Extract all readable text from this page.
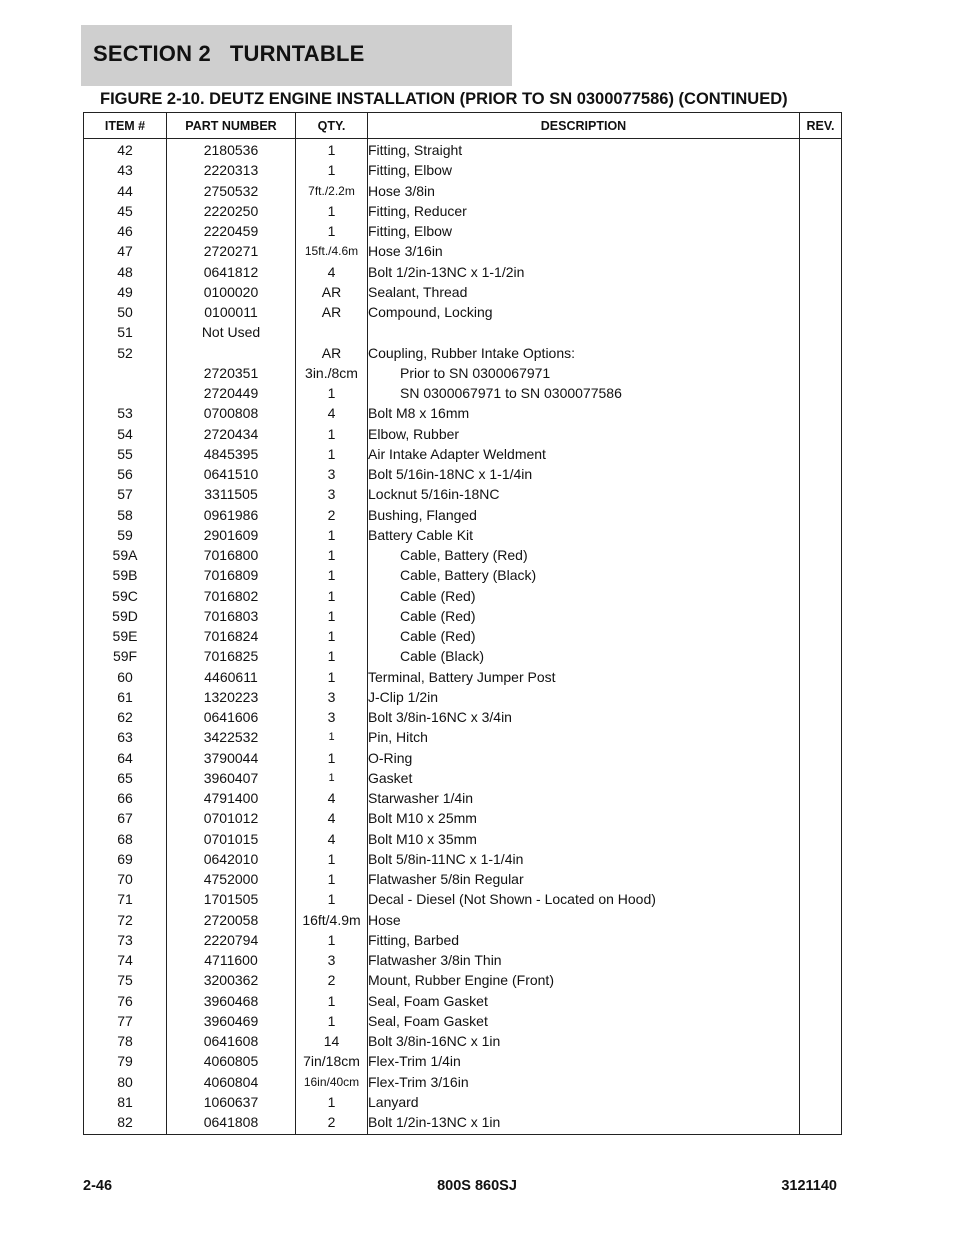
SECTION 2   TURNTABLE
FIGURE 2-10. DEUTZ ENGINE INSTALLATION (PRIOR TO SN 0300077586) (CONTINUED)
ITEM #	PART NUMBER	QTY.	DESCRIPTION	REV.
42	2180536	1	Fitting, Straight	
43	2220313	1	Fitting, Elbow	
44	2750532	7ft./2.2m	Hose 3/8in	
45	2220250	1	Fitting, Reducer	
46	2220459	1	Fitting, Elbow	
47	2720271	15ft./4.6m	Hose 3/16in	
48	0641812	4	Bolt 1/2in-13NC x 1-1/2in	
49	0100020	AR	Sealant, Thread	
50	0100011	AR	Compound, Locking	
51	Not Used			
52		AR	Coupling, Rubber Intake Options:	
	2720351	3in./8cm	Prior to SN 0300067971	
	2720449	1	SN 0300067971 to SN 0300077586	
53	0700808	4	Bolt M8 x 16mm	
54	2720434	1	Elbow, Rubber	
55	4845395	1	Air Intake Adapter Weldment	
56	0641510	3	Bolt 5/16in-18NC x 1-1/4in	
57	3311505	3	Locknut 5/16in-18NC	
58	0961986	2	Bushing, Flanged	
59	2901609	1	Battery Cable Kit	
59A	7016800	1	Cable, Battery (Red)	
59B	7016809	1	Cable, Battery (Black)	
59C	7016802	1	Cable (Red)	
59D	7016803	1	Cable (Red)	
59E	7016824	1	Cable (Red)	
59F	7016825	1	Cable (Black)	
60	4460611	1	Terminal, Battery Jumper Post	
61	1320223	3	J-Clip 1/2in	
62	0641606	3	Bolt 3/8in-16NC x 3/4in	
63	3422532	1	Pin, Hitch	
64	3790044	1	O-Ring	
65	3960407	1	Gasket	
66	4791400	4	Starwasher 1/4in	
67	0701012	4	Bolt M10 x 25mm	
68	0701015	4	Bolt M10 x 35mm	
69	0642010	1	Bolt 5/8in-11NC x 1-1/4in	
70	4752000	1	Flatwasher 5/8in Regular	
71	1701505	1	Decal - Diesel (Not Shown - Located on Hood)	
72	2720058	16ft/4.9m	Hose	
73	2220794	1	Fitting, Barbed	
74	4711600	3	Flatwasher 3/8in Thin	
75	3200362	2	Mount, Rubber Engine (Front)	
76	3960468	1	Seal, Foam Gasket	
77	3960469	1	Seal, Foam Gasket	
78	0641608	14	Bolt 3/8in-16NC x 1in	
79	4060805	7in/18cm	Flex-Trim 1/4in	
80	4060804	16in/40cm	Flex-Trim 3/16in	
81	1060637	1	Lanyard	
82	0641808	2	Bolt 1/2in-13NC x 1in	
2-46	800S 860SJ	3121140
